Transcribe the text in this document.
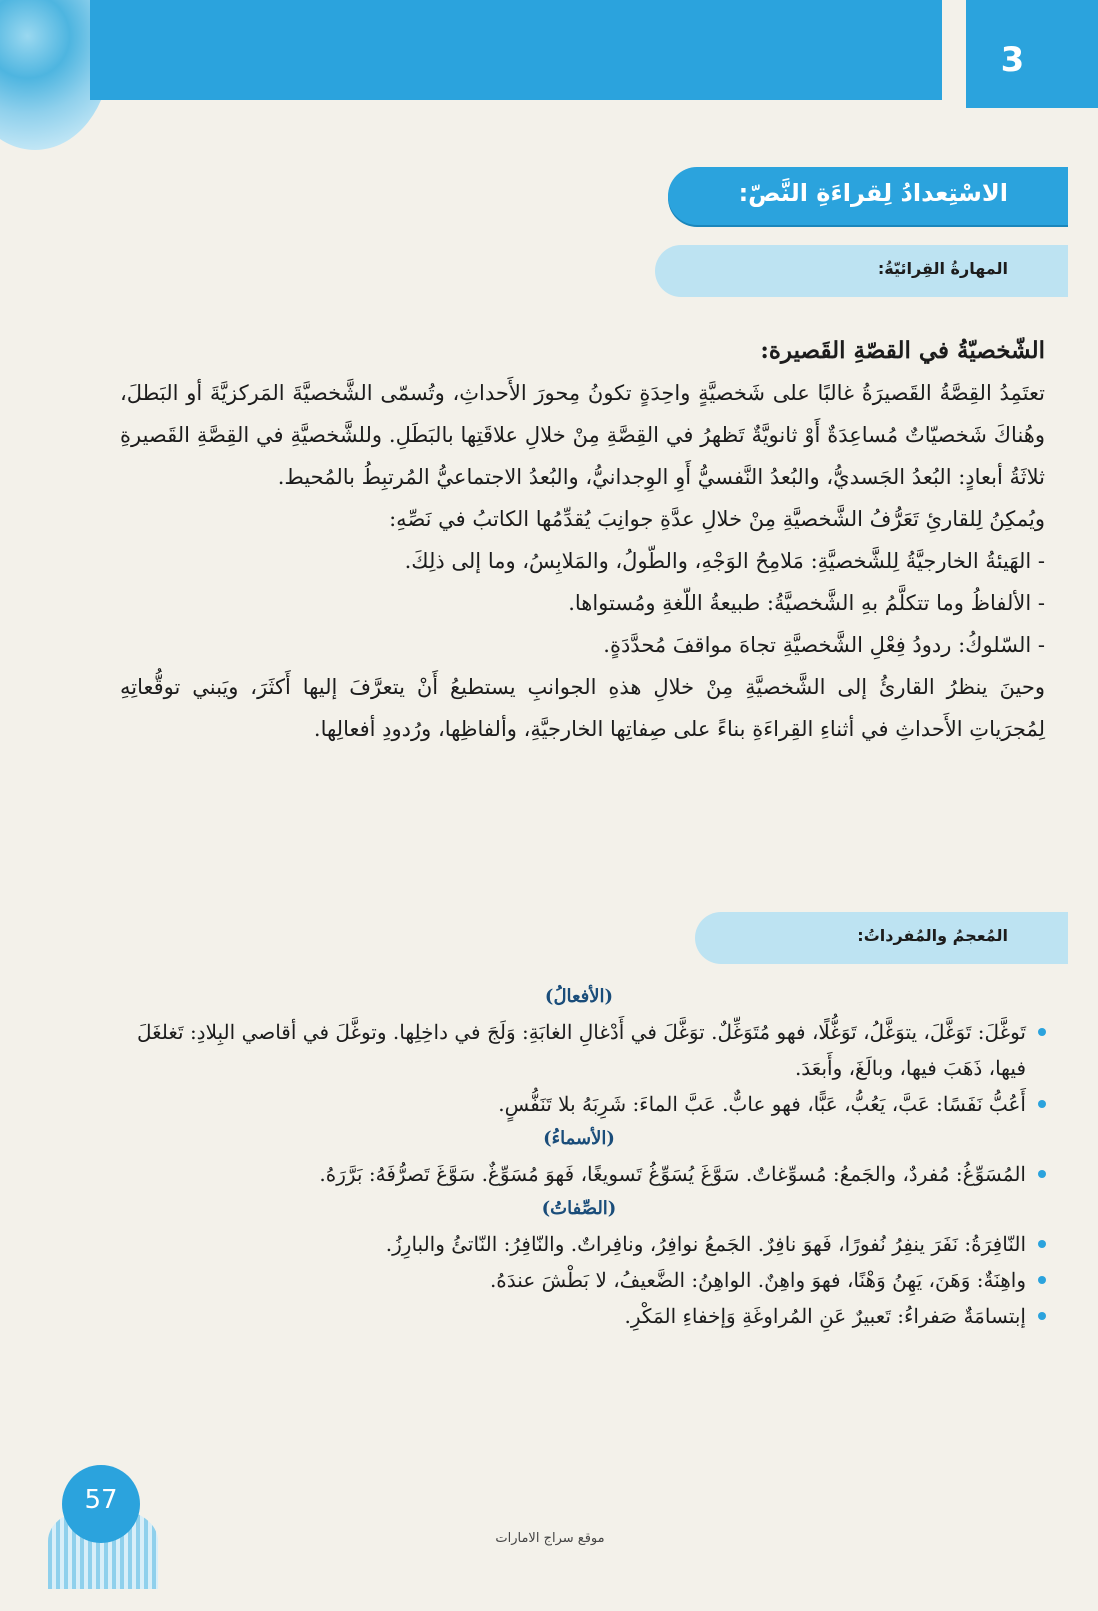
3
الاسْتِعدادُ لِقراءَةِ النَّصّ:
المهارةُ القِرائيّةُ:

الشّخصيّةُ في القصّةِ القَصيرة:

تعتَمِدُ القِصَّةُ القَصيرَةُ غالبًا على شَخصيَّةٍ واحِدَةٍ تكونُ مِحورَ الأَحداثِ، وتُسمّى الشَّخصيَّةَ المَركزيَّةَ أو البَطلَ، وهُناكَ شَخصيّاتٌ مُساعِدَةٌ أَوْ ثانويَّةٌ تَظهرُ في القِصَّةِ مِنْ خلالِ علاقَتِها بالبَطَلِ. وللشَّخصيَّةِ في القِصَّةِ القَصيرةِ ثلاثَةُ أبعادٍ: البُعدُ الجَسديُّ، والبُعدُ النَّفسيُّ أَوِ الوِجدانيُّ، والبُعدُ الاجتماعيُّ المُرتبِطُ بالمُحيط.

ويُمكِنُ لِلقارئِ تَعَرُّفُ الشَّخصيَّةِ مِنْ خلالِ عدَّةِ جوانِبَ يُقدِّمُها الكاتبُ في نَصِّهِ:

- الهَيئةُ الخارجيَّةُ لِلشَّخصيَّةِ: مَلامِحُ الوَجْهِ، والطّولُ، والمَلابِسُ، وما إلى ذلِكَ.

- الألفاظُ وما تتكلَّمُ بهِ الشَّخصيَّةُ: طبيعةُ اللّغةِ ومُستواها.

- السّلوكُ: ردودُ فِعْلِ الشَّخصيَّةِ تجاهَ مواقفَ مُحدَّدَةٍ.

وحينَ ينظرُ القارئُ إلى الشَّخصيَّةِ مِنْ خلالِ هذهِ الجوانبِ يستطيعُ أَنْ يتعرَّفَ إليها أَكثَرَ، ويَبني توقُّعاتِهِ لِمُجرَياتِ الأَحداثِ في أثناءِ القِراءَةِ بناءً على صِفاتِها الخارجيَّةِ، وألفاظِها، ورُدودِ أفعالِها.

المُعجمُ والمُفرداتُ:
(الأفعالُ)
تَوغَّلَ: تَوَغَّلَ، يتوَغَّلُ، تَوَغُّلًا، فهو مُتَوَغِّلٌ. توَغَّلَ في أَدْغالِ الغابَةِ: وَلَجَ في داخِلِها. وتوغَّلَ في أقاصي البِلادِ: تَغلغَلَ فيها، ذَهَبَ فيها، وبالَغَ، وأَبعَدَ.
أَعُبُّ نَفَسًا: عَبَّ، يَعُبُّ، عَبًّا، فهو عابٌّ. عَبَّ الماءَ: شَرِبَهُ بلا تَنَفُّسٍ.
(الأسماءُ)
المُسَوِّغُ: مُفردٌ، والجَمعُ: مُسوِّغاتٌ. سَوَّغَ يُسَوِّغُ تَسويغًا، فَهوَ مُسَوِّغٌ. سَوَّغَ تَصرُّفَهُ: بَرَّرَهُ.
(الصِّفاتُ)
النّافِرَةُ: نَفَرَ ينفِرُ نُفورًا، فَهوَ نافِرٌ. الجَمعُ نوافِرُ، ونافِراتٌ. والنّافِرُ: النّاتئُ والبارِزُ.
واهِنَةٌ: وَهَنَ، يَهِنُ وَهْنًا، فهوَ واهِنٌ. الواهِنُ: الضَّعيفُ، لا بَطْشَ عندَهُ.
إبتسامَةٌ صَفراءُ: تَعبيرٌ عَنِ المُراوغَةِ وَإخفاءِ المَكْرِ.
57
موقع سراج الامارات
